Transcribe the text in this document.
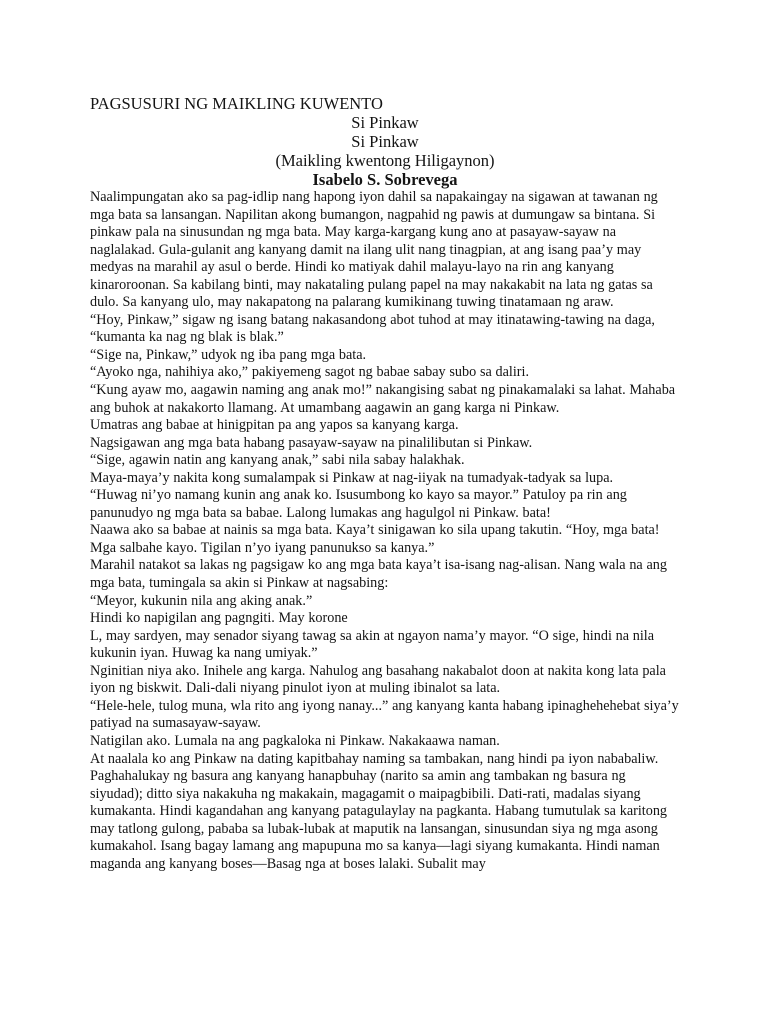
PAGSUSURI NG MAIKLING KUWENTO

Si Pinkaw

Si Pinkaw

(Maikling kwentong Hiligaynon)

Isabelo S. Sobrevega

Naalimpungatan ako sa pag-idlip nang hapong iyon dahil sa napakaingay na sigawan at tawanan ng mga bata sa lansangan. Napilitan akong bumangon, nagpahid ng pawis at dumungaw sa bintana. Si pinkaw pala na sinusundan ng mga bata. May karga-kargang kung ano at pasayaw-sayaw na naglalakad. Gula-gulanit ang kanyang damit na ilang ulit nang tinagpian, at ang isang paa’y may medyas na marahil ay asul o berde. Hindi ko matiyak dahil malayu-layo na rin ang kanyang kinaroroonan. Sa kabilang binti, may nakataling pulang papel na may nakakabit na lata ng gatas sa dulo. Sa kanyang ulo, may nakapatong na palarang kumikinang tuwing tinatamaan ng araw.

“Hoy, Pinkaw,” sigaw ng isang batang nakasandong abot tuhod at may itinatawing-tawing na daga, “kumanta ka nag ng blak is blak.”

“Sige na, Pinkaw,” udyok ng iba pang mga bata.

“Ayoko nga, nahihiya ako,” pakiyemeng sagot ng babae sabay subo sa daliri.

“Kung ayaw mo, aagawin naming ang anak mo!” nakangising sabat ng pinakamalaki sa lahat. Mahaba ang buhok at nakakorto llamang. At umambang aagawin an gang karga ni Pinkaw.

Umatras ang babae at hinigpitan pa ang yapos sa kanyang karga.

Nagsigawan ang mga bata habang pasayaw-sayaw na pinalilibutan si Pinkaw.

“Sige, agawin natin ang kanyang anak,” sabi nila sabay halakhak.

Maya-maya’y nakita kong sumalampak si Pinkaw at nag-iiyak na tumadyak-tadyak sa lupa.

“Huwag ni’yo namang kunin ang anak ko. Isusumbong ko kayo sa mayor.” Patuloy pa rin ang panunudyo ng mga bata sa babae. Lalong lumakas ang hagulgol ni Pinkaw. bata!

Naawa ako sa babae at nainis sa mga bata. Kaya’t sinigawan ko sila upang takutin. “Hoy, mga bata! Mga salbahe kayo. Tigilan n’yo iyang panunukso sa kanya.”

Marahil natakot sa lakas ng pagsigaw ko ang mga bata kaya’t isa-isang nag-alisan. Nang wala na ang mga bata, tumingala sa akin si Pinkaw at nagsabing:

“Meyor, kukunin nila ang aking anak.”

Hindi ko napigilan ang pagngiti. May korone

L, may sardyen, may senador siyang tawag sa akin at ngayon nama’y mayor. “O sige, hindi na nila kukunin iyan. Huwag ka nang umiyak.”

Nginitian niya ako. Inihele ang karga. Nahulog ang basahang nakabalot doon at nakita kong lata pala iyon ng biskwit. Dali-dali niyang pinulot iyon at muling ibinalot sa lata.

“Hele-hele, tulog muna, wla rito ang iyong nanay...” ang kanyang kanta habang ipinaghehehebat siya’y patiyad na sumasayaw-sayaw.

Natigilan ako. Lumala na ang pagkaloka ni Pinkaw. Nakakaawa naman.

At naalala ko ang Pinkaw na dating kapitbahay naming sa tambakan, nang hindi pa iyon nababaliw.

Paghahalukay ng basura ang kanyang hanapbuhay (narito sa amin ang tambakan ng basura ng siyudad); ditto siya nakakuha ng makakain, magagamit o maipagbibili. Dati-rati, madalas siyang kumakanta. Hindi kagandahan ang kanyang patagulaylay na pagkanta. Habang tumutulak sa karitong may tatlong gulong, pababa sa lubak-lubak at maputik na lansangan, sinusundan siya ng mga asong kumakahol. Isang bagay lamang ang mapupuna mo sa kanya—lagi siyang kumakanta. Hindi naman maganda ang kanyang boses—Basag nga at boses lalaki. Subalit may
